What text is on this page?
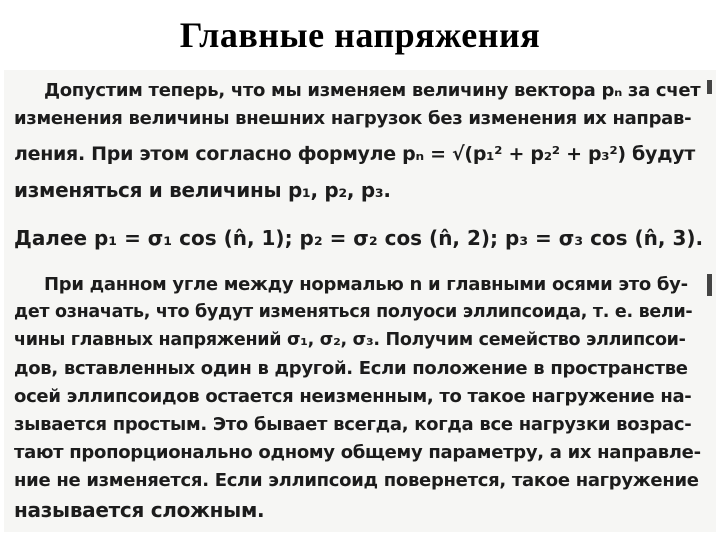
Главные напряжения
Допустим теперь, что мы изменяем величину вектора pₙ за счет
изменения величины внешних нагрузок без изменения их направ-
ления. При этом согласно формуле pₙ = √(p₁² + p₂² + p₃²) будут
изменяться и величины p₁, p₂, p₃.
Далее p₁ = σ₁ cos (n̂, 1); p₂ = σ₂ cos (n̂, 2); p₃ = σ₃ cos (n̂, 3).
При данном угле между нормалью n и главными осями это бу-
дет означать, что будут изменяться полуоси эллипсоида, т. е. вели-
чины главных напряжений σ₁, σ₂, σ₃. Получим семейство эллипсои-
дов, вставленных один в другой. Если положение в пространстве
осей эллипсоидов остается неизменным, то такое нагружение на-
зывается простым. Это бывает всегда, когда все нагрузки возрас-
тают пропорционально одному общему параметру, а их направле-
ние не изменяется. Если эллипсоид повернется, такое нагружение
называется сложным.
